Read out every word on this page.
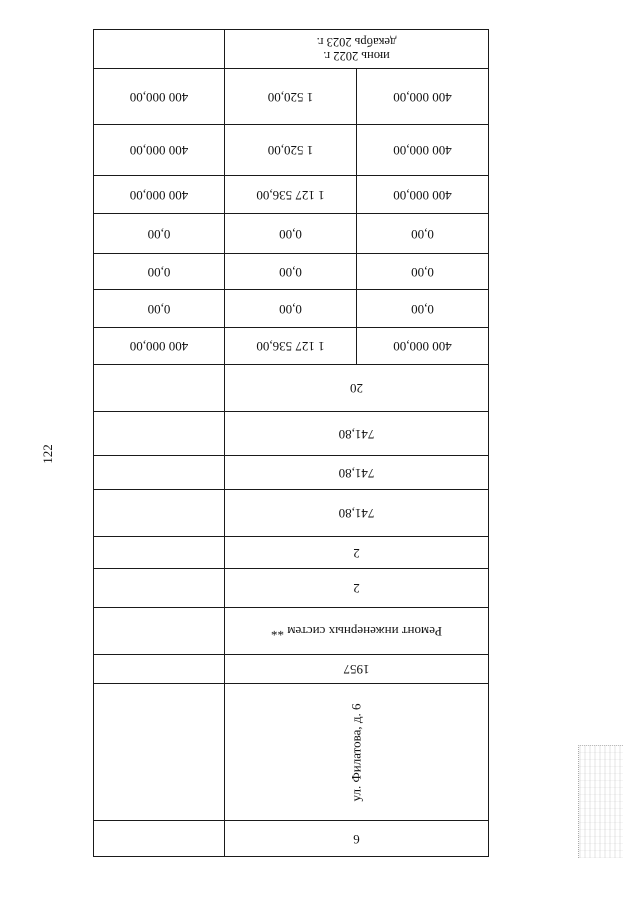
122
июнь 2022 г.
декабрь 2023 г.
400 000,00	1 520,00	400 000,00
400 000,00	1 520,00	400 000,00
400 000,00	1 127 536,00	400 000,00
0,00	0,00	0,00
0,00	0,00	0,00
0,00	0,00	0,00
400 000,00	1 127 536,00	400 000,00
20
741,80
741,80
741,80
2
2
Ремонт инженерных систем **
1957
ул. Филатова, д. 6
6
